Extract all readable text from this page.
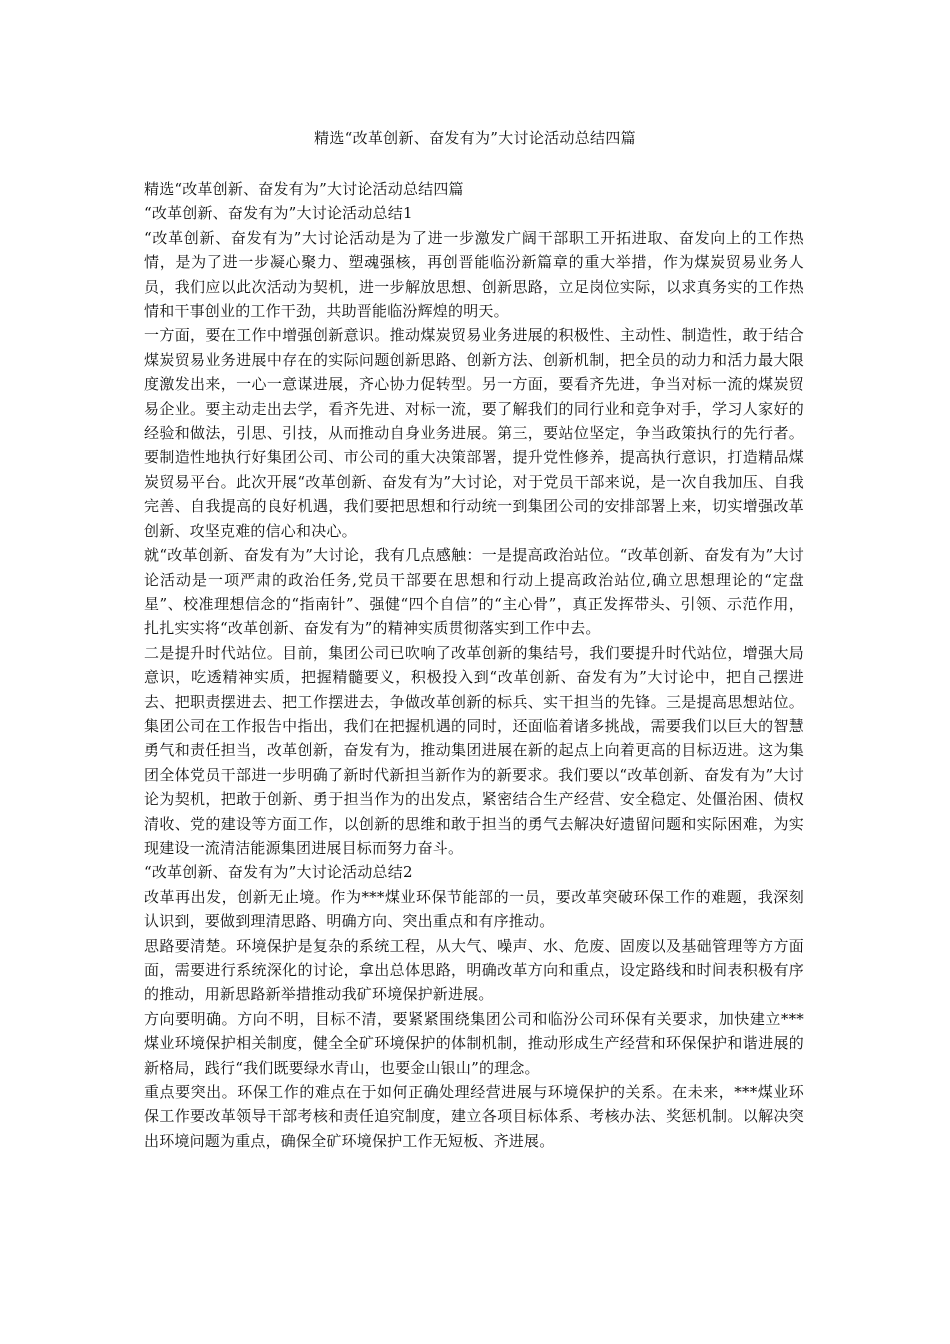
精选“改革创新、奋发有为”大讨论活动总结四篇

精选“改革创新、奋发有为”大讨论活动总结四篇

“改革创新、奋发有为”大讨论活动总结1

“改革创新、奋发有为”大讨论活动是为了进一步激发广阔干部职工开拓进取、奋发向上的工作热情，是为了进一步凝心聚力、塑魂强核，再创晋能临汾新篇章的重大举措，作为煤炭贸易业务人员，我们应以此次活动为契机，进一步解放思想、创新思路，立足岗位实际，以求真务实的工作热情和干事创业的工作干劲，共助晋能临汾辉煌的明天。

一方面，要在工作中增强创新意识。推动煤炭贸易业务进展的积极性、主动性、制造性，敢于结合煤炭贸易业务进展中存在的实际问题创新思路、创新方法、创新机制，把全员的动力和活力最大限度激发出来，一心一意谋进展，齐心协力促转型。另一方面，要看齐先进，争当对标一流的煤炭贸易企业。要主动走出去学，看齐先进、对标一流，要了解我们的同行业和竞争对手，学习人家好的经验和做法，引思、引技，从而推动自身业务进展。第三，要站位坚定，争当政策执行的先行者。要制造性地执行好集团公司、市公司的重大决策部署，提升党性修养，提高执行意识，打造精品煤炭贸易平台。此次开展“改革创新、奋发有为”大讨论，对于党员干部来说，是一次自我加压、自我完善、自我提高的良好机遇，我们要把思想和行动统一到集团公司的安排部署上来，切实增强改革创新、攻坚克难的信心和决心。

就“改革创新、奋发有为”大讨论，我有几点感触：一是提高政治站位。“改革创新、奋发有为”大讨论活动是一项严肃的政治任务,党员干部要在思想和行动上提高政治站位,确立思想理论的“定盘星”、校准理想信念的“指南针”、强健“四个自信”的“主心骨”，真正发挥带头、引领、示范作用，扎扎实实将“改革创新、奋发有为”的精神实质贯彻落实到工作中去。

二是提升时代站位。目前，集团公司已吹响了改革创新的集结号，我们要提升时代站位，增强大局意识，吃透精神实质，把握精髓要义，积极投入到“改革创新、奋发有为”大讨论中，把自己摆进去、把职责摆进去、把工作摆进去，争做改革创新的标兵、实干担当的先锋。三是提高思想站位。集团公司在工作报告中指出，我们在把握机遇的同时，还面临着诸多挑战，需要我们以巨大的智慧勇气和责任担当，改革创新，奋发有为，推动集团进展在新的起点上向着更高的目标迈进。这为集团全体党员干部进一步明确了新时代新担当新作为的新要求。我们要以“改革创新、奋发有为”大讨论为契机，把敢于创新、勇于担当作为的出发点，紧密结合生产经营、安全稳定、处僵治困、债权清收、党的建设等方面工作，以创新的思维和敢于担当的勇气去解决好遗留问题和实际困难，为实现建设一流清洁能源集团进展目标而努力奋斗。

“改革创新、奋发有为”大讨论活动总结2

改革再出发，创新无止境。作为***煤业环保节能部的一员，要改革突破环保工作的难题，我深刻认识到，要做到理清思路、明确方向、突出重点和有序推动。

思路要清楚。环境保护是复杂的系统工程，从大气、噪声、水、危废、固废以及基础管理等方方面面，需要进行系统深化的讨论，拿出总体思路，明确改革方向和重点，设定路线和时间表积极有序的推动，用新思路新举措推动我矿环境保护新进展。

方向要明确。方向不明，目标不清，要紧紧围绕集团公司和临汾公司环保有关要求，加快建立***煤业环境保护相关制度，健全全矿环境保护的体制机制，推动形成生产经营和环保保护和谐进展的新格局，践行“我们既要绿水青山，也要金山银山”的理念。

重点要突出。环保工作的难点在于如何正确处理经营进展与环境保护的关系。在未来，***煤业环保工作要改革领导干部考核和责任追究制度，建立各项目标体系、考核办法、奖惩机制。以解决突出环境问题为重点，确保全矿环境保护工作无短板、齐进展。
